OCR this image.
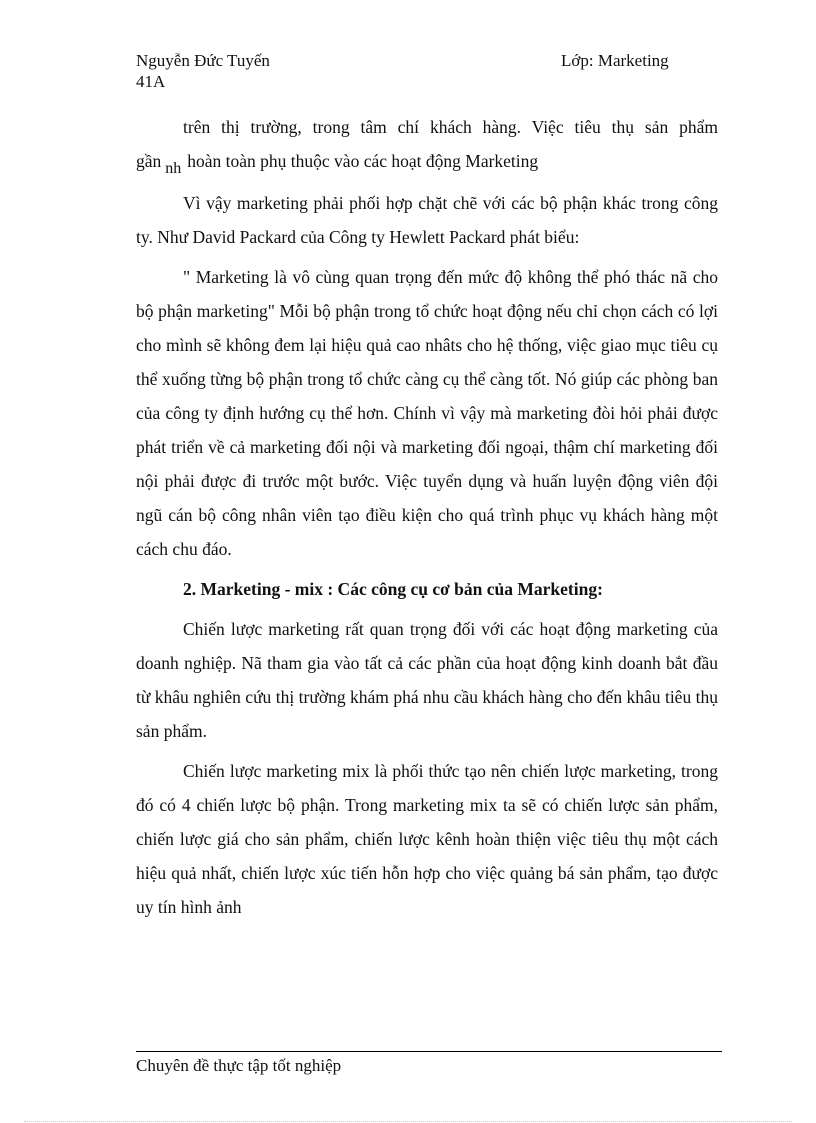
Nguyễn Đức Tuyến
41A
Lớp: Marketing

trên thị trường, trong tâm chí khách hàng. Việc tiêu thụ sản phẩm gần nh hoàn toàn phụ thuộc vào các hoạt động Marketing

Vì vậy marketing phải phối hợp chặt chẽ với các bộ phận khác trong công ty. Như David Packard của Công ty Hewlett Packard phát biểu:

" Marketing là vô cùng quan trọng đến mức độ không thể phó thác nã cho bộ phận marketing" Mỗi bộ phận trong tổ chức hoạt động nếu chỉ chọn cách có lợi cho mình sẽ không đem lại hiệu quả cao nhâts cho hệ thống, việc giao mục tiêu cụ thể xuống từng bộ phận trong tổ chức càng cụ thể càng tốt. Nó giúp các phòng ban của công ty định hướng cụ thể hơn. Chính vì vậy mà marketing đòi hỏi phải được phát triển về cả marketing đối nội và marketing đối ngoại, thậm chí marketing đối nội phải được đi trước một bước. Việc tuyển dụng và huấn luyện động viên đội ngũ cán bộ công nhân viên tạo điều kiện cho quá trình phục vụ khách hàng một cách chu đáo.

2. Marketing - mix : Các công cụ cơ bản của Marketing:

Chiến lược marketing rất quan trọng đối với các hoạt động marketing của doanh nghiệp. Nã tham gia vào tất cả các phần của hoạt động kinh doanh bắt đầu từ khâu nghiên cứu thị trường khám phá nhu cầu khách hàng cho đến khâu tiêu thụ sản phẩm.

Chiến lược marketing mix là phối thức tạo nên chiến lược marketing, trong đó có 4 chiến lược bộ phận. Trong marketing mix ta sẽ có chiến lược sản phẩm, chiến lược giá cho sản phẩm, chiến lược kênh hoàn thiện việc tiêu thụ một cách hiệu quả nhất, chiến lược xúc tiến hỗn hợp cho việc quảng bá sản phẩm, tạo được uy tín hình ảnh

Chuyên đề thực tập tốt nghiệp
